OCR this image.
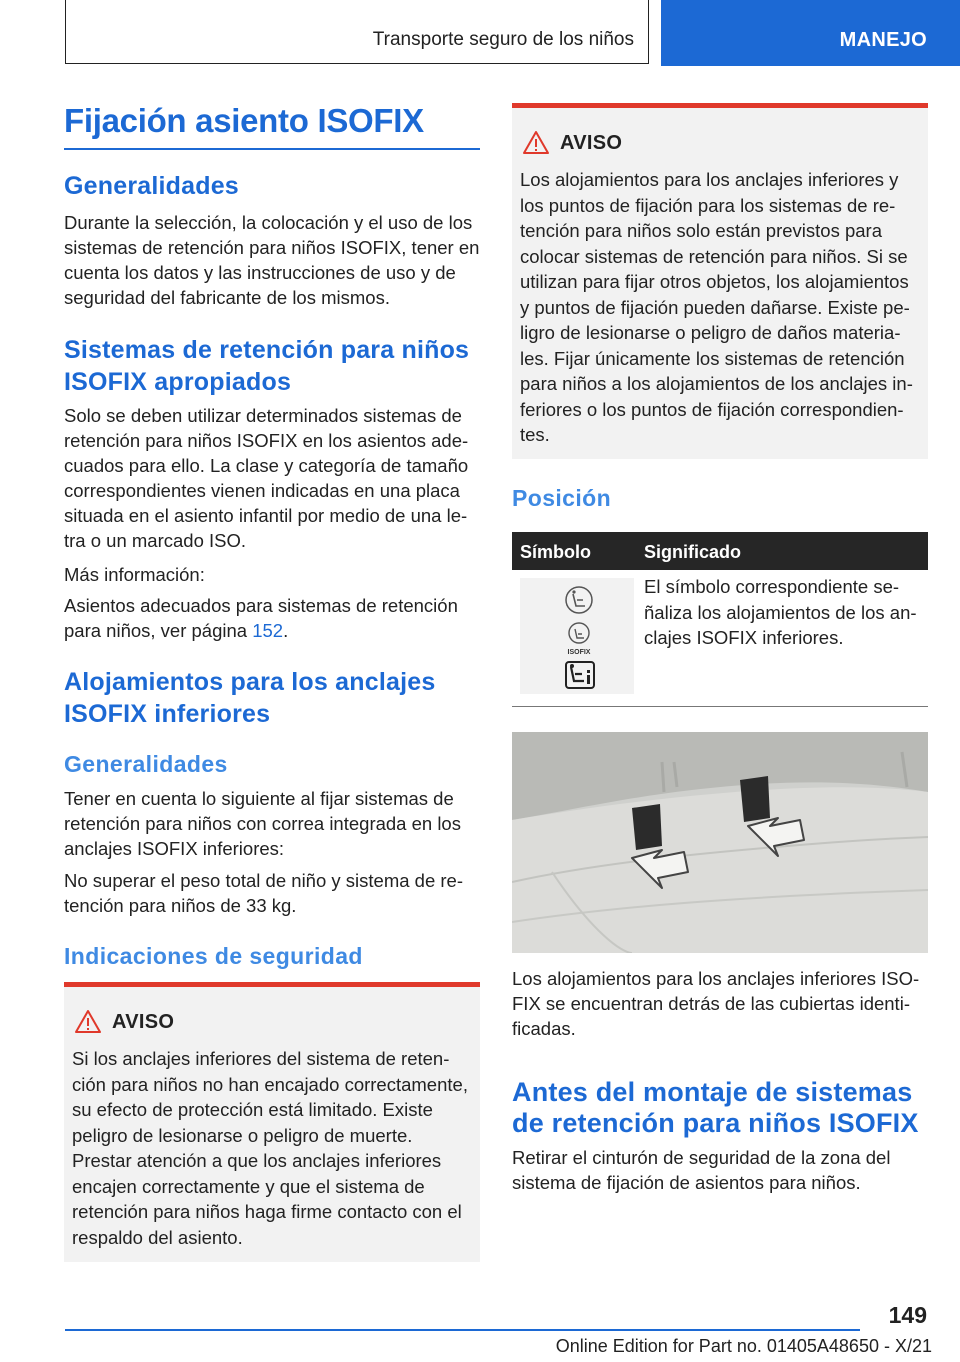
Transporte seguro de los niños	MANEJO
Fijación asiento ISOFIX
Generalidades

Durante la selección, la colocación y el uso de los sistemas de retención para niños ISOFIX, tener en cuenta los datos y las instrucciones de uso y de seguridad del fabricante de los mismos.

Sistemas de retención para niños ISOFIX apropiados

Solo se deben utilizar determinados sistemas de retención para niños ISOFIX en los asientos adecuados para ello. La clase y categoría de tamaño correspondientes vienen indicadas en una placa situada en el asiento infantil por medio de una letra o un marcado ISO.

Más información:

Asientos adecuados para sistemas de retención para niños, ver página 152.

Alojamientos para los anclajes ISOFIX inferiores
Generalidades

Tener en cuenta lo siguiente al fijar sistemas de retención para niños con correa integrada en los anclajes ISOFIX inferiores:

No superar el peso total de niño y sistema de retención para niños de 33 kg.

Indicaciones de seguridad
AVISO

Si los anclajes inferiores del sistema de retención para niños no han encajado correctamente, su efecto de protección está limitado. Existe peligro de lesionarse o peligro de muerte. Prestar atención a que los anclajes inferiores encajen correctamente y que el sistema de retención para niños haga firme contacto con el respaldo del asiento.

AVISO

Los alojamientos para los anclajes inferiores y los puntos de fijación para los sistemas de retención para niños solo están previstos para colocar sistemas de retención para niños. Si se utilizan para fijar otros objetos, los alojamientos y puntos de fijación pueden dañarse. Existe peligro de lesionarse o peligro de daños materiales. Fijar únicamente los sistemas de retención para niños a los alojamientos de los anclajes inferiores o los puntos de fijación correspondientes.

Posición
Símbolo	Significado
ISOFIX

El símbolo correspondiente señaliza los alojamientos de los anclajes ISOFIX inferiores.

Los alojamientos para los anclajes inferiores ISOFIX se encuentran detrás de las cubiertas identificadas.

Antes del montaje de sistemas de retención para niños ISOFIX

Retirar el cinturón de seguridad de la zona del sistema de fijación de asientos para niños.

149
Online Edition for Part no. 01405A48650 - X/21
